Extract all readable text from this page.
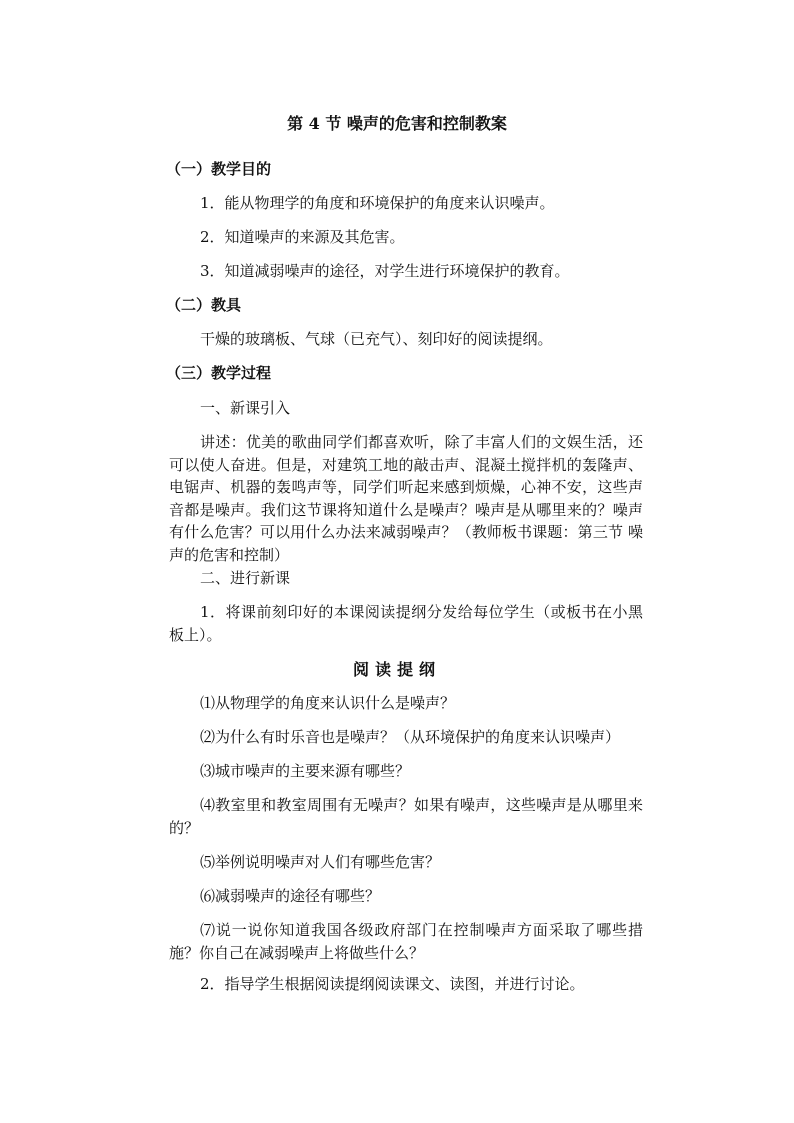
第 4 节 噪声的危害和控制教案
（一）教学目的
1．能从物理学的角度和环境保护的角度来认识噪声。
2．知道噪声的来源及其危害。
3．知道减弱噪声的途径，对学生进行环境保护的教育。
（二）教具
干燥的玻璃板、气球（已充气）、刻印好的阅读提纲。
（三）教学过程
一、新课引入

讲述：优美的歌曲同学们都喜欢听，除了丰富人们的文娱生活，还可以使人奋进。但是，对建筑工地的敲击声、混凝土搅拌机的轰隆声、电锯声、机器的轰鸣声等，同学们听起来感到烦燥，心神不安，这些声音都是噪声。我们这节课将知道什么是噪声？噪声是从哪里来的？噪声有什么危害？可以用什么办法来减弱噪声？（教师板书课题：第三节 噪声的危害和控制）

二、进行新课

1．将课前刻印好的本课阅读提纲分发给每位学生（或板书在小黑板上）。

阅读提纲
⑴从物理学的角度来认识什么是噪声？
⑵为什么有时乐音也是噪声？（从环境保护的角度来认识噪声）
⑶城市噪声的主要来源有哪些？

⑷教室里和教室周围有无噪声？如果有噪声，这些噪声是从哪里来的？

⑸举例说明噪声对人们有哪些危害？
⑹减弱噪声的途径有哪些？

⑺说一说你知道我国各级政府部门在控制噪声方面采取了哪些措施？你自己在减弱噪声上将做些什么？

2．指导学生根据阅读提纲阅读课文、读图，并进行讨论。
